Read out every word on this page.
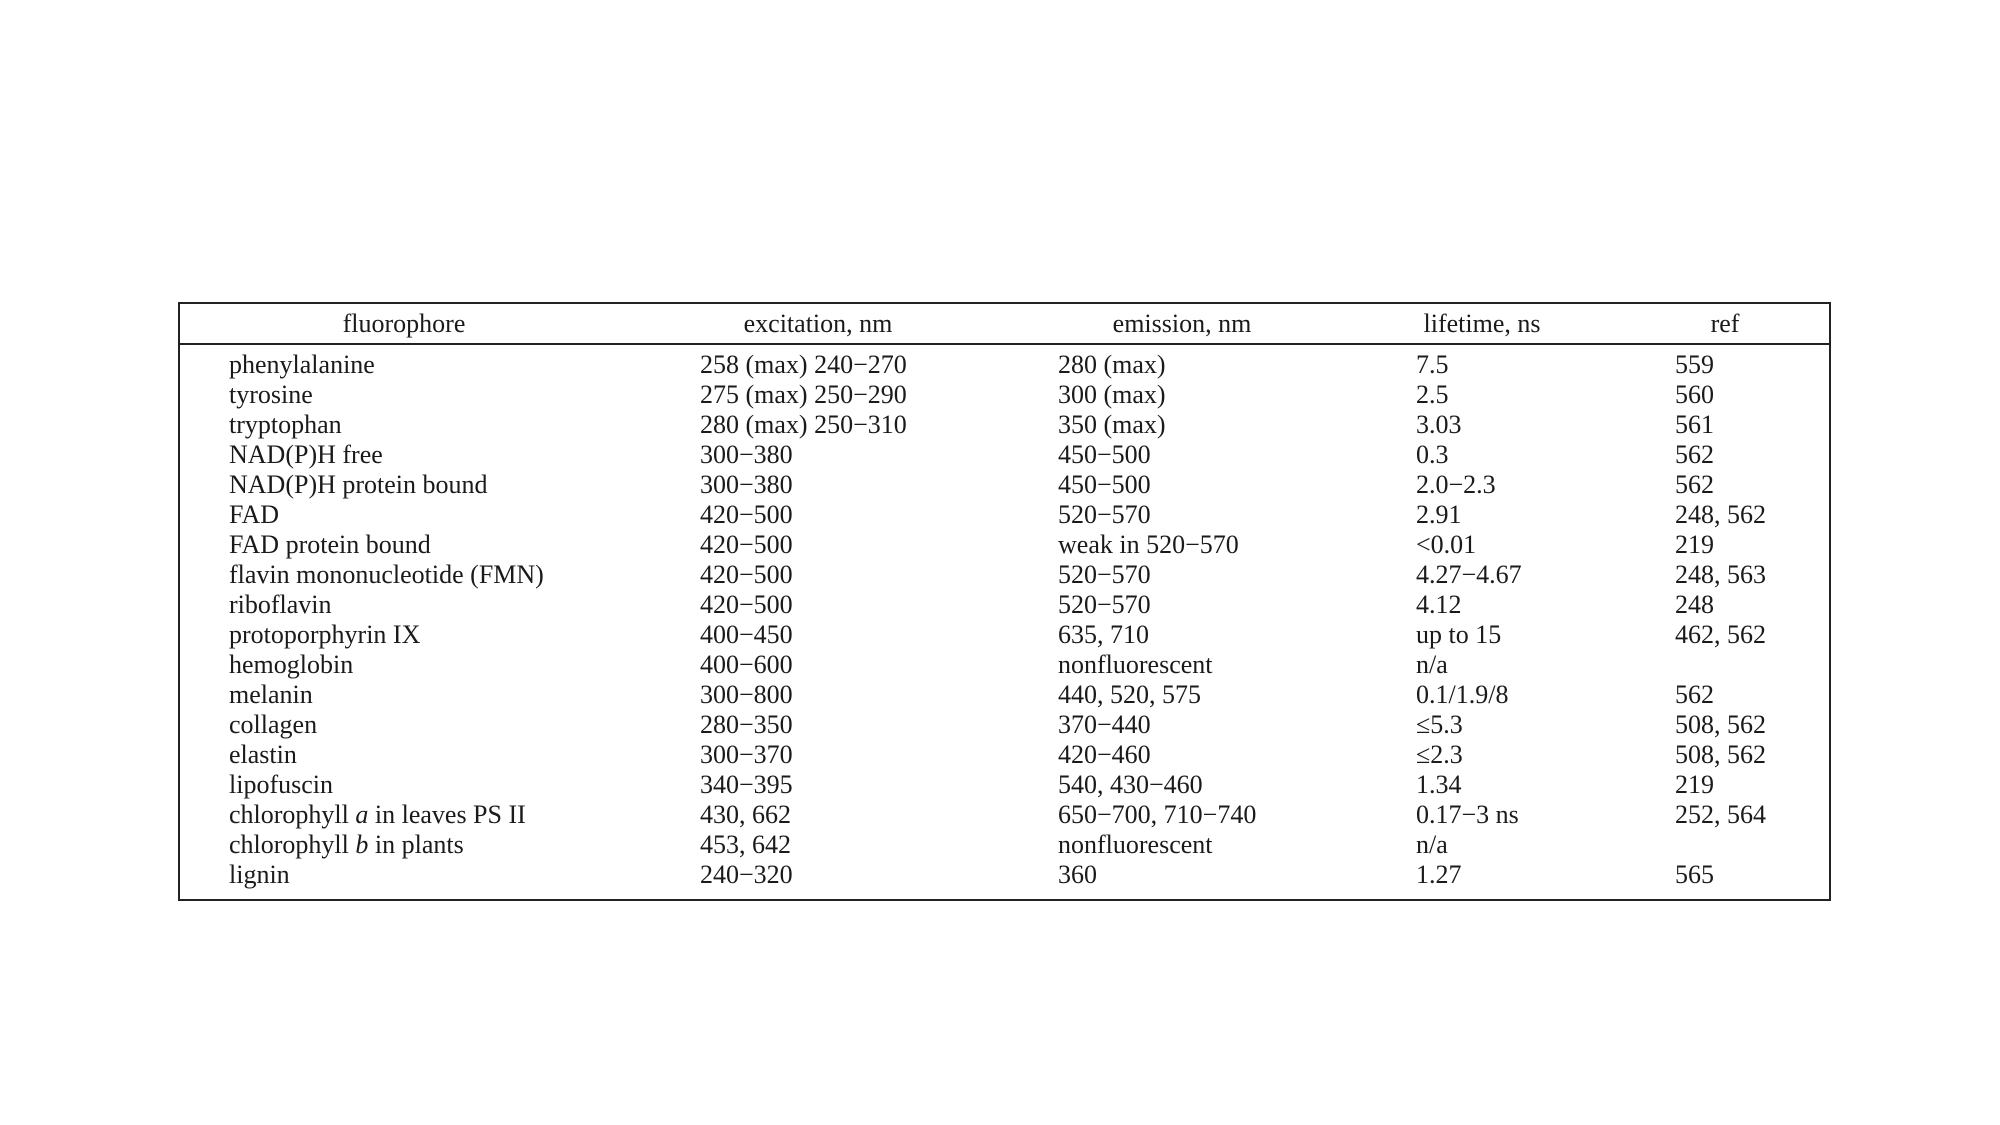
fluorophore	excitation, nm	emission, nm	lifetime, ns	ref
phenylalanine	258 (max) 240−270	280 (max)	7.5	559
tyrosine	275 (max) 250−290	300 (max)	2.5	560
tryptophan	280 (max) 250−310	350 (max)	3.03	561
NAD(P)H free	300−380	450−500	0.3	562
NAD(P)H protein bound	300−380	450−500	2.0−2.3	562
FAD	420−500	520−570	2.91	248, 562
FAD protein bound	420−500	weak in 520−570	<0.01	219
flavin mononucleotide (FMN)	420−500	520−570	4.27−4.67	248, 563
riboflavin	420−500	520−570	4.12	248
protoporphyrin IX	400−450	635, 710	up to 15	462, 562
hemoglobin	400−600	nonfluorescent	n/a
melanin	300−800	440, 520, 575	0.1/1.9/8	562
collagen	280−350	370−440	≤5.3	508, 562
elastin	300−370	420−460	≤2.3	508, 562
lipofuscin	340−395	540, 430−460	1.34	219
chlorophyll a in leaves PS II	430, 662	650−700, 710−740	0.17−3 ns	252, 564
chlorophyll b in plants	453, 642	nonfluorescent	n/a
lignin	240−320	360	1.27	565
